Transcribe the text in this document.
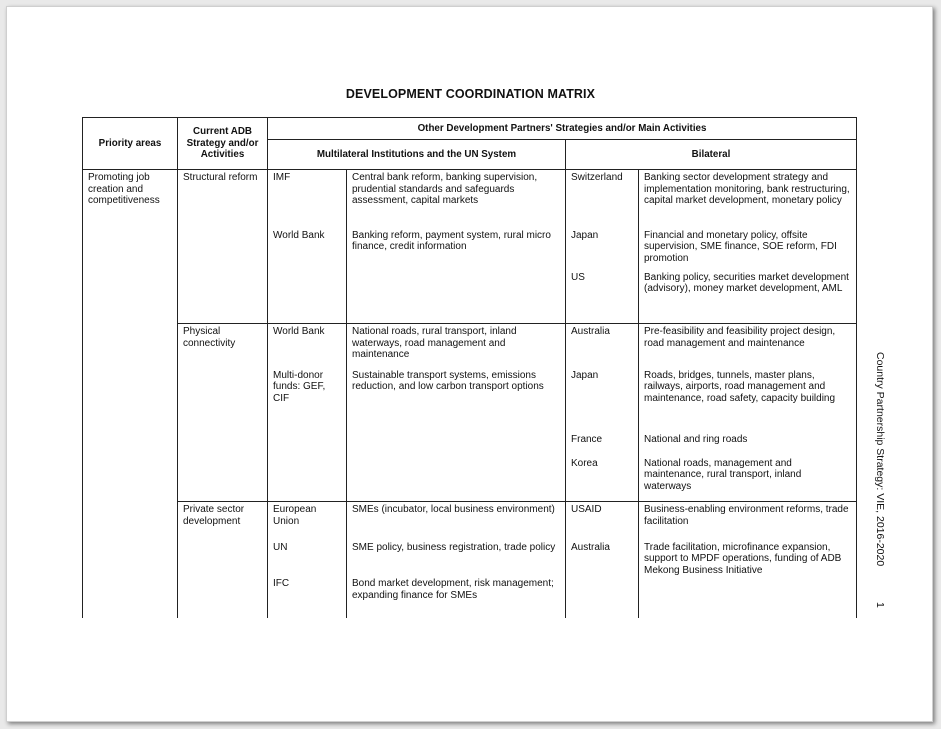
DEVELOPMENT COORDINATION MATRIX
Priority areas	Current ADB Strategy and/or Activities	Other Development Partners' Strategies and/or Main Activities			
		Multilateral Institutions and the UN System		Bilateral	

Promoting job creation and competitiveness	Structural reform	IMF	Central bank reform, banking supervision, prudential standards and safeguards assessment, capital markets	Switzerland	Banking sector development strategy and implementation monitoring, bank restructuring, capital market development, monetary policy

		World Bank	Banking reform, payment system, rural micro finance, credit information	Japan	Financial and monetary policy, offsite supervision, SME finance, SOE reform, FDI promotion

				US	Banking policy, securities market development (advisory), money market development, AML

	Physical connectivity	World Bank	National roads, rural transport, inland waterways, road management and maintenance	Australia	Pre-feasibility and feasibility project design, road management and maintenance

		Multi-donor funds: GEF, CIF	Sustainable transport systems, emissions reduction, and low carbon transport options	Japan	Roads, bridges, tunnels, master plans, railways, airports, road management and maintenance, road safety, capacity building

				France	National and ring roads

				Korea	National roads, management and maintenance, rural transport, inland waterways

	Private sector development	European Union	SMEs (incubator, local business environment)	USAID	Business-enabling environment reforms, trade facilitation

		UN	SME policy, business registration, trade policy	Australia	Trade facilitation, microfinance expansion, support to MPDF operations, funding of ADB Mekong Business Initiative

		IFC	Bond market development, risk management; expanding finance for SMEs		

Country Partnership Strategy: VIE, 2016-2020
1
